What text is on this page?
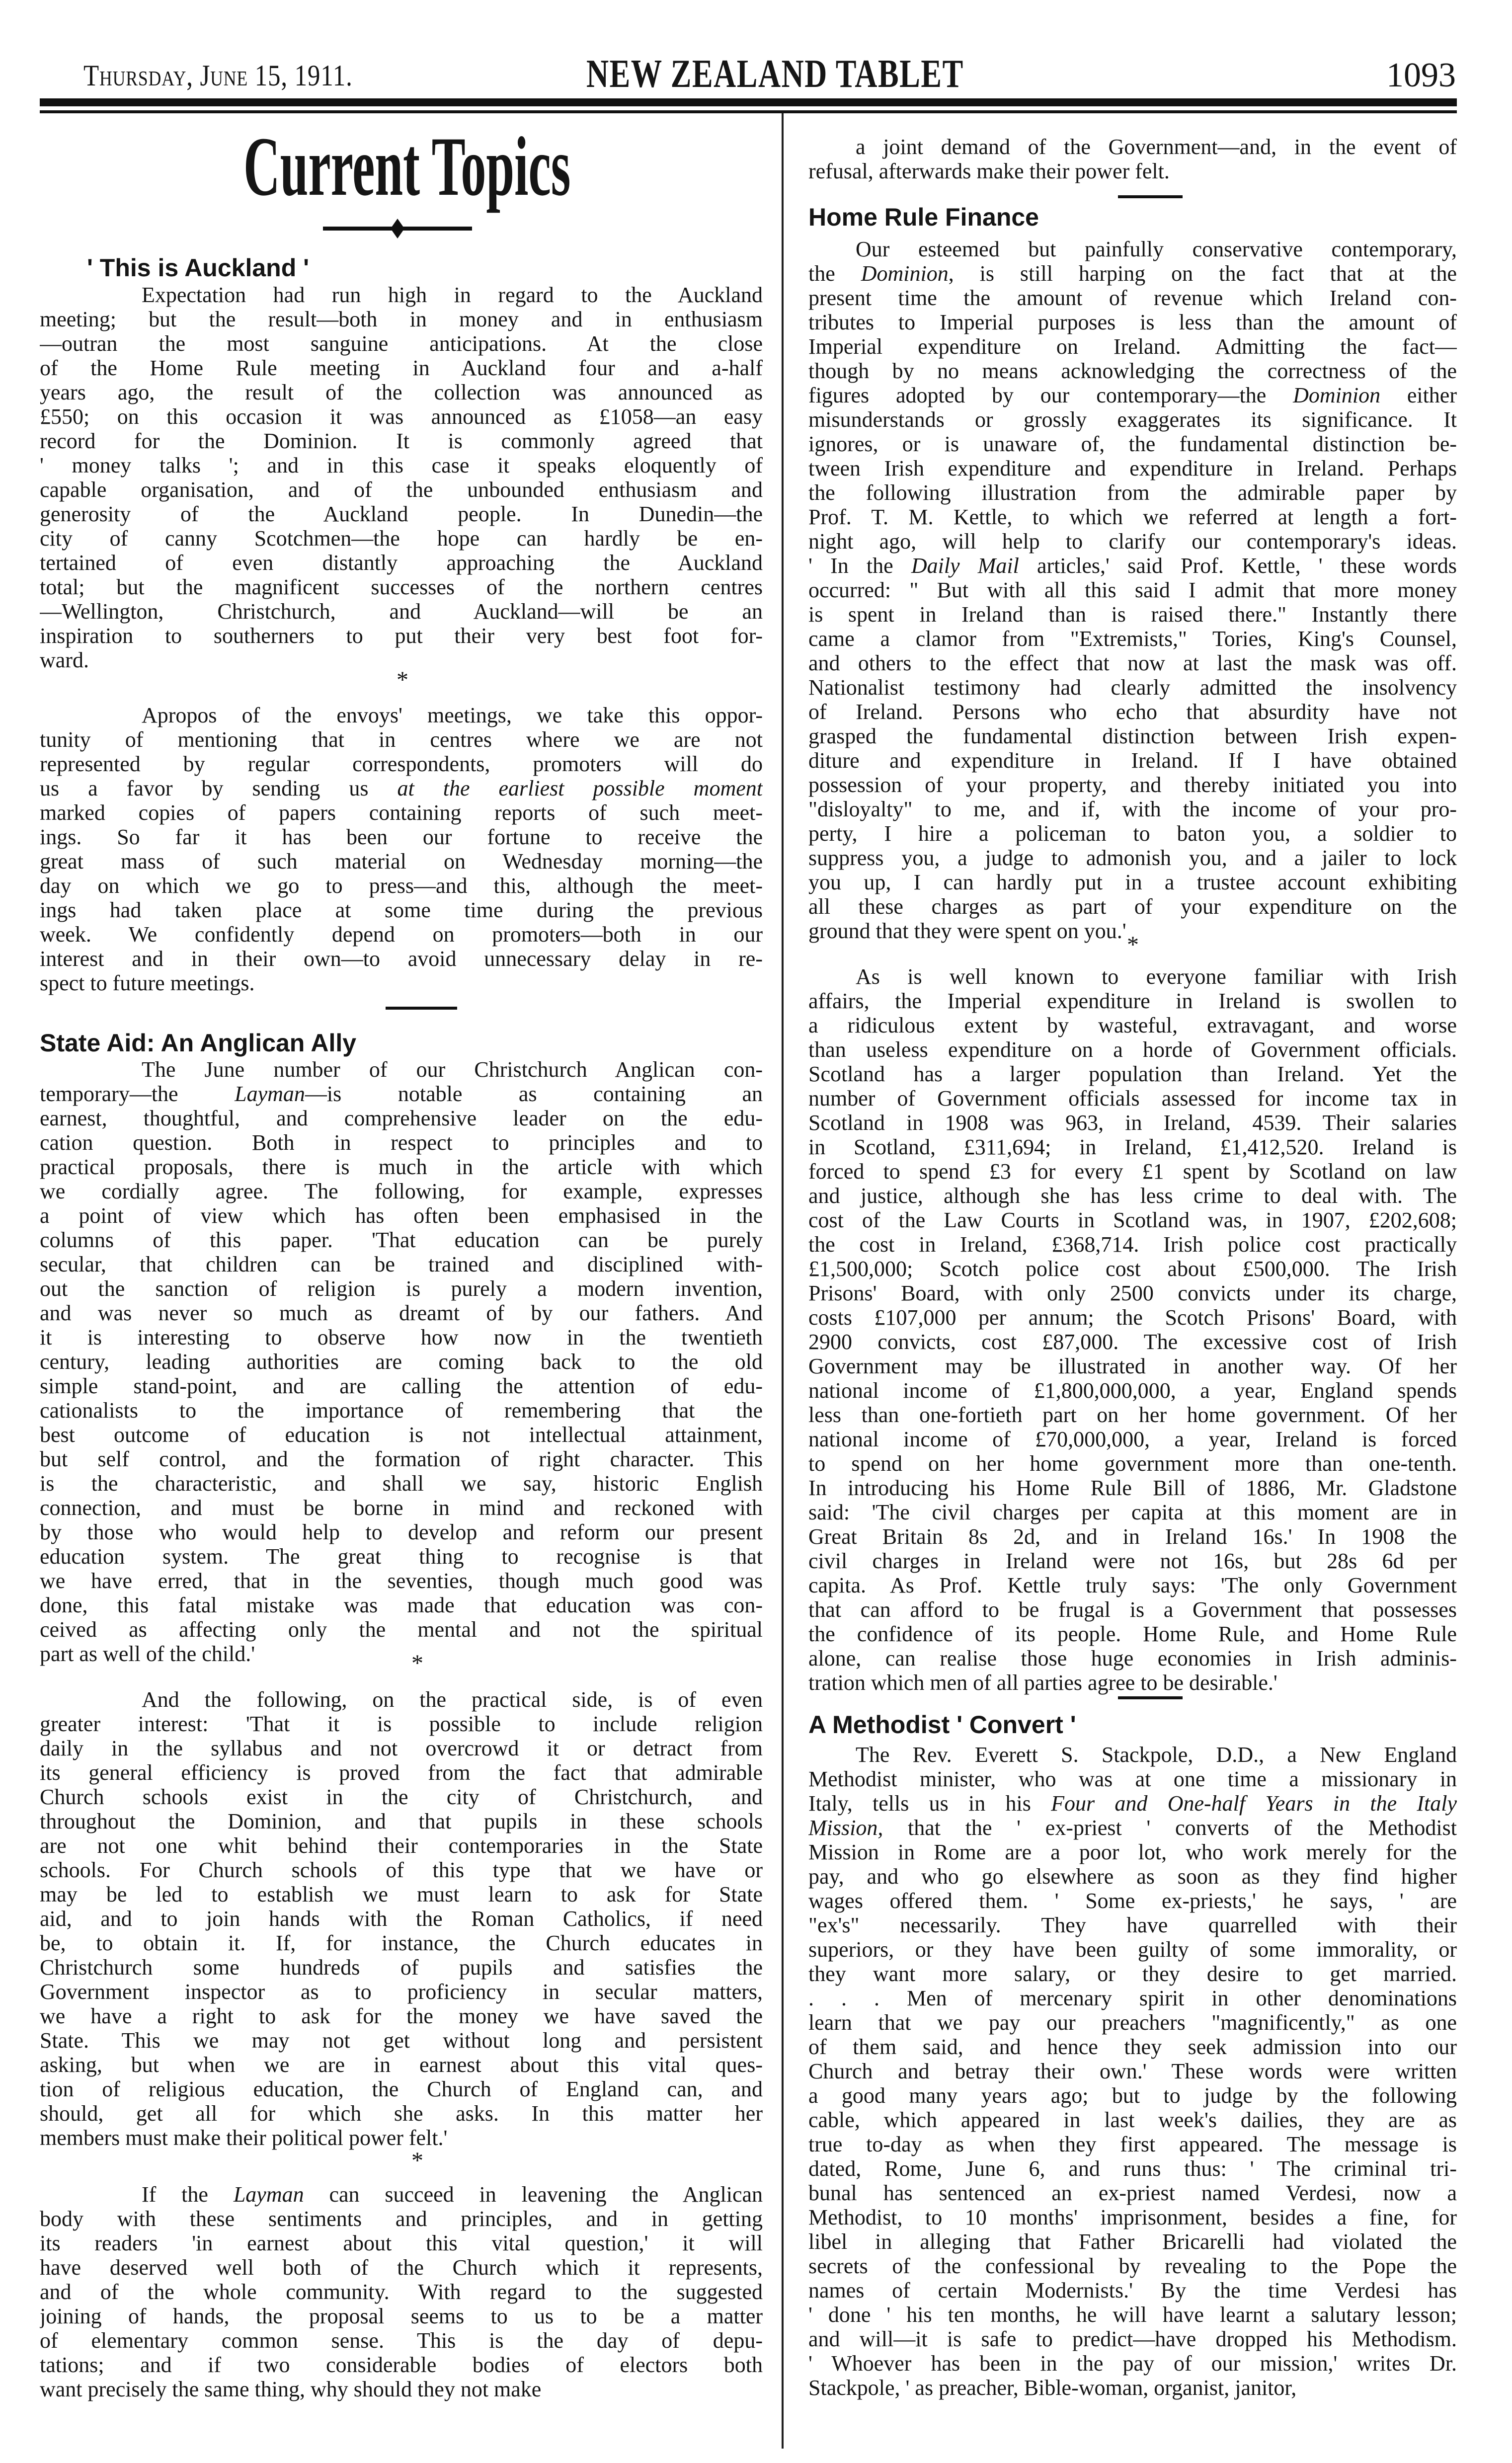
Thursday, June 15, 1911.	NEW ZEALAND TABLET	1093
Current Topics
' This is Auckland '
Expectation had run high in regard to the Auckland
meeting; but the result—both in money and in enthusiasm
—outran the most sanguine anticipations. At the close
of the Home Rule meeting in Auckland four and a-half
years ago, the result of the collection was announced as
£550; on this occasion it was announced as £1058—an easy
record for the Dominion. It is commonly agreed that
' money talks '; and in this case it speaks eloquently of
capable organisation, and of the unbounded enthusiasm and
generosity of the Auckland people. In Dunedin—the
city of canny Scotchmen—the hope can hardly be en-
tertained of even distantly approaching the Auckland
total; but the magnificent successes of the northern centres
—Wellington, Christchurch, and Auckland—will be an
inspiration to southerners to put their very best foot for-
ward.
*
Apropos of the envoys' meetings, we take this oppor-
tunity of mentioning that in centres where we are not
represented by regular correspondents, promoters will do
us a favor by sending us at the earliest possible moment
marked copies of papers containing reports of such meet-
ings. So far it has been our fortune to receive the
great mass of such material on Wednesday morning—the
day on which we go to press—and this, although the meet-
ings had taken place at some time during the previous
week. We confidently depend on promoters—both in our
interest and in their own—to avoid unnecessary delay in re-
spect to future meetings.
State Aid: An Anglican Ally
The June number of our Christchurch Anglican con-
temporary—the Layman—is notable as containing an
earnest, thoughtful, and comprehensive leader on the edu-
cation question. Both in respect to principles and to
practical proposals, there is much in the article with which
we cordially agree. The following, for example, expresses
a point of view which has often been emphasised in the
columns of this paper. 'That education can be purely
secular, that children can be trained and disciplined with-
out the sanction of religion is purely a modern invention,
and was never so much as dreamt of by our fathers. And
it is interesting to observe how now in the twentieth
century, leading authorities are coming back to the old
simple stand-point, and are calling the attention of edu-
cationalists to the importance of remembering that the
best outcome of education is not intellectual attainment,
but self control, and the formation of right character. This
is the characteristic, and shall we say, historic English
connection, and must be borne in mind and reckoned with
by those who would help to develop and reform our present
education system. The great thing to recognise is that
we have erred, that in the seventies, though much good was
done, this fatal mistake was made that education was con-
ceived as affecting only the mental and not the spiritual
part as well of the child.'	*
And the following, on the practical side, is of even
greater interest: 'That it is possible to include religion
daily in the syllabus and not overcrowd it or detract from
its general efficiency is proved from the fact that admirable
Church schools exist in the city of Christchurch, and
throughout the Dominion, and that pupils in these schools
are not one whit behind their contemporaries in the State
schools. For Church schools of this type that we have or
may be led to establish we must learn to ask for State
aid, and to join hands with the Roman Catholics, if need
be, to obtain it. If, for instance, the Church educates in
Christchurch some hundreds of pupils and satisfies the
Government inspector as to proficiency in secular matters,
we have a right to ask for the money we have saved the
State. This we may not get without long and persistent
asking, but when we are in earnest about this vital ques-
tion of religious education, the Church of England can, and
should, get all for which she asks. In this matter her
members must make their political power felt.'
*
If the Layman can succeed in leavening the Anglican
body with these sentiments and principles, and in getting
its readers 'in earnest about this vital question,' it will
have deserved well both of the Church which it represents,
and of the whole community. With regard to the suggested
joining of hands, the proposal seems to us to be a matter
of elementary common sense. This is the day of depu-
tations; and if two considerable bodies of electors both
want precisely the same thing, why should they not make
a joint demand of the Government—and, in the event of
refusal, afterwards make their power felt.
Home Rule Finance
Our esteemed but painfully conservative contemporary,
the Dominion, is still harping on the fact that at the
present time the amount of revenue which Ireland con-
tributes to Imperial purposes is less than the amount of
Imperial expenditure on Ireland. Admitting the fact—
though by no means acknowledging the correctness of the
figures adopted by our contemporary—the Dominion either
misunderstands or grossly exaggerates its significance. It
ignores, or is unaware of, the fundamental distinction be-
tween Irish expenditure and expenditure in Ireland. Perhaps
the following illustration from the admirable paper by
Prof. T. M. Kettle, to which we referred at length a fort-
night ago, will help to clarify our contemporary's ideas.
' In the Daily Mail articles,' said Prof. Kettle, ' these words
occurred: " But with all this said I admit that more money
is spent in Ireland than is raised there." Instantly there
came a clamor from "Extremists," Tories, King's Counsel,
and others to the effect that now at last the mask was off.
Nationalist testimony had clearly admitted the insolvency
of Ireland. Persons who echo that absurdity have not
grasped the fundamental distinction between Irish expen-
diture and expenditure in Ireland. If I have obtained
possession of your property, and thereby initiated you into
"disloyalty" to me, and if, with the income of your pro-
perty, I hire a policeman to baton you, a soldier to
suppress you, a judge to admonish you, and a jailer to lock
you up, I can hardly put in a trustee account exhibiting
all these charges as part of your expenditure on the
ground that they were spent on you.'
*
As is well known to everyone familiar with Irish
affairs, the Imperial expenditure in Ireland is swollen to
a ridiculous extent by wasteful, extravagant, and worse
than useless expenditure on a horde of Government officials.
Scotland has a larger population than Ireland. Yet the
number of Government officials assessed for income tax in
Scotland in 1908 was 963, in Ireland, 4539. Their salaries
in Scotland, £311,694; in Ireland, £1,412,520. Ireland is
forced to spend £3 for every £1 spent by Scotland on law
and justice, although she has less crime to deal with. The
cost of the Law Courts in Scotland was, in 1907, £202,608;
the cost in Ireland, £368,714. Irish police cost practically
£1,500,000; Scotch police cost about £500,000. The Irish
Prisons' Board, with only 2500 convicts under its charge,
costs £107,000 per annum; the Scotch Prisons' Board, with
2900 convicts, cost £87,000. The excessive cost of Irish
Government may be illustrated in another way. Of her
national income of £1,800,000,000, a year, England spends
less than one-fortieth part on her home government. Of her
national income of £70,000,000, a year, Ireland is forced
to spend on her home government more than one-tenth.
In introducing his Home Rule Bill of 1886, Mr. Gladstone
said: 'The civil charges per capita at this moment are in
Great Britain 8s 2d, and in Ireland 16s.' In 1908 the
civil charges in Ireland were not 16s, but 28s 6d per
capita. As Prof. Kettle truly says: 'The only Government
that can afford to be frugal is a Government that possesses
the confidence of its people. Home Rule, and Home Rule
alone, can realise those huge economies in Irish adminis-
tration which men of all parties agree to be desirable.'
A Methodist ' Convert '
The Rev. Everett S. Stackpole, D.D., a New England
Methodist minister, who was at one time a missionary in
Italy, tells us in his Four and One-half Years in the Italy
Mission, that the ' ex-priest ' converts of the Methodist
Mission in Rome are a poor lot, who work merely for the
pay, and who go elsewhere as soon as they find higher
wages offered them. ' Some ex-priests,' he says, ' are
"ex's" necessarily. They have quarrelled with their
superiors, or they have been guilty of some immorality, or
they want more salary, or they desire to get married.
. . . Men of mercenary spirit in other denominations
learn that we pay our preachers "magnificently," as one
of them said, and hence they seek admission into our
Church and betray their own.' These words were written
a good many years ago; but to judge by the following
cable, which appeared in last week's dailies, they are as
true to-day as when they first appeared. The message is
dated, Rome, June 6, and runs thus: ' The criminal tri-
bunal has sentenced an ex-priest named Verdesi, now a
Methodist, to 10 months' imprisonment, besides a fine, for
libel in alleging that Father Bricarelli had violated the
secrets of the confessional by revealing to the Pope the
names of certain Modernists.' By the time Verdesi has
' done ' his ten months, he will have learnt a salutary lesson;
and will—it is safe to predict—have dropped his Methodism.
' Whoever has been in the pay of our mission,' writes Dr.
Stackpole, ' as preacher, Bible-woman, organist, janitor,
